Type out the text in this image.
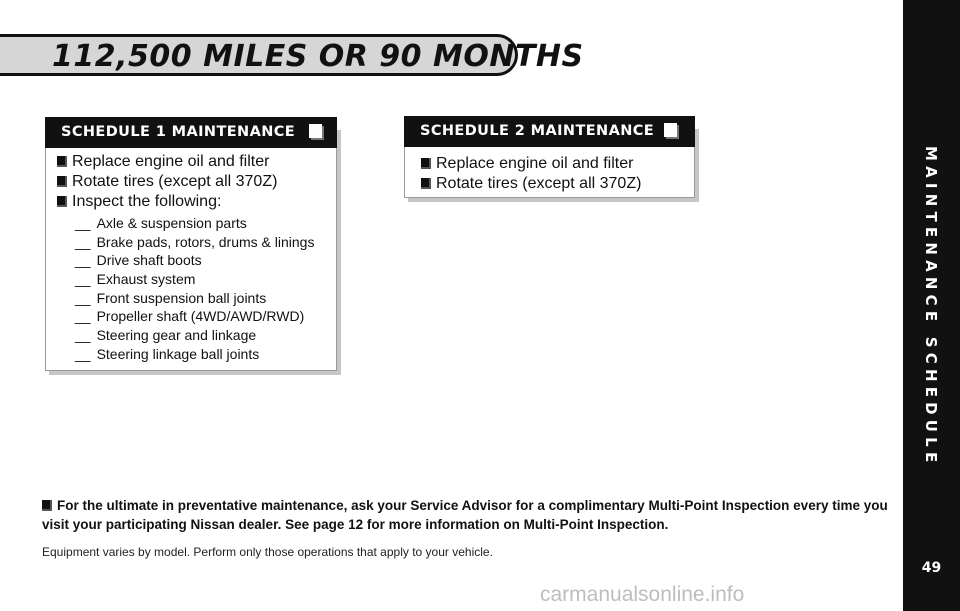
112,500 MILES OR 90 MONTHS
MAINTENANCE SCHEDULE
49
SCHEDULE 1 MAINTENANCE
Replace engine oil and filter
Rotate tires (except all 370Z)
Inspect the following:
__ Axle & suspension parts
__ Brake pads, rotors, drums & linings
__ Drive shaft boots
__ Exhaust system
__ Front suspension ball joints
__ Propeller shaft (4WD/AWD/RWD)
__ Steering gear and linkage
__ Steering linkage ball joints
SCHEDULE 2 MAINTENANCE
Replace engine oil and filter
Rotate tires (except all 370Z)
For the ultimate in preventative maintenance, ask your Service Advisor for a complimentary Multi-Point Inspection every time you visit your participating Nissan dealer. See page 12 for more information on Multi-Point Inspection.
Equipment varies by model. Perform only those operations that apply to your vehicle.
carmanualsonline.info
